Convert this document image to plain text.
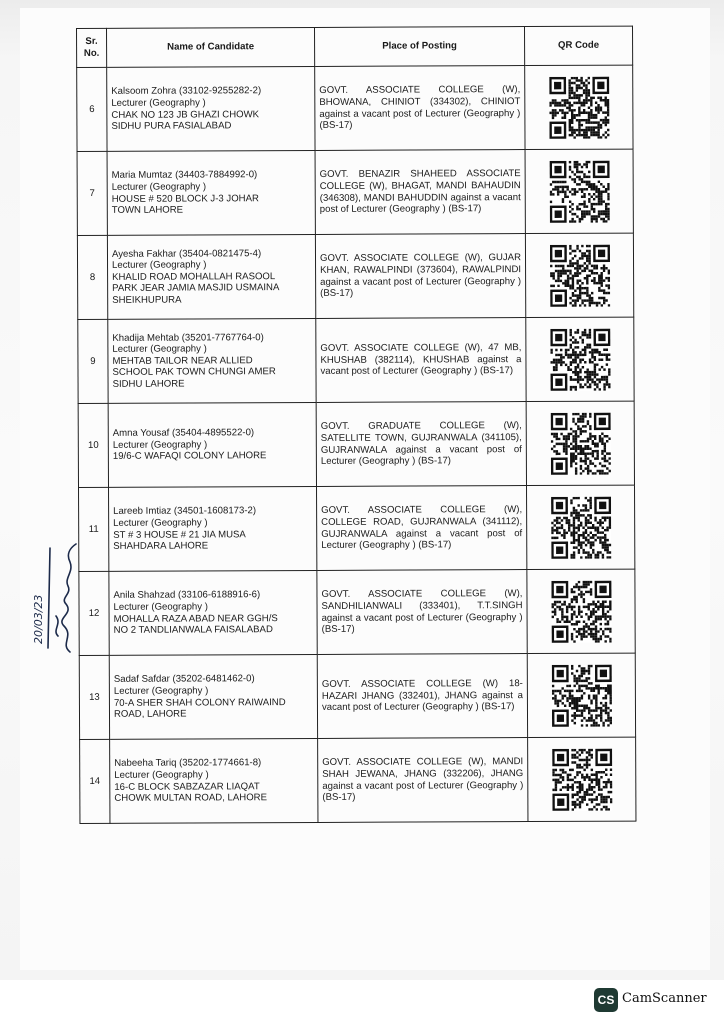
Sr.
No.	Name of Candidate	Place of Posting	QR Code
6	Kalsoom Zohra (33102-9255282-2)
Lecturer (Geography )
CHAK NO 123 JB GHAZI CHOWK
SIDHU PURA FASIALABAD	GOVT. ASSOCIATE COLLEGE (W), BHOWANA, CHINIOT (334302), CHINIOT against a vacant post of Lecturer (Geography ) (BS-17)

7	Maria Mumtaz (34403-7884992-0)
Lecturer (Geography )
HOUSE # 520 BLOCK J-3 JOHAR
TOWN LAHORE	GOVT. BENAZIR SHAHEED ASSOCIATE COLLEGE (W), BHAGAT, MANDI BAHAUDIN (346308), MANDI BAHUDDIN against a vacant post of Lecturer (Geography ) (BS-17)

8	Ayesha Fakhar (35404-0821475-4)
Lecturer (Geography )
KHALID ROAD MOHALLAH RASOOL
PARK JEAR JAMIA MASJID USMAINA
SHEIKHUPURA	GOVT. ASSOCIATE COLLEGE (W), GUJAR KHAN, RAWALPINDI (373604), RAWALPINDI against a vacant post of Lecturer (Geography ) (BS-17)

9	Khadija Mehtab (35201-7767764-0)
Lecturer (Geography )
MEHTAB TAILOR NEAR ALLIED
SCHOOL PAK TOWN CHUNGI AMER
SIDHU LAHORE	GOVT. ASSOCIATE COLLEGE (W), 47 MB, KHUSHAB (382114), KHUSHAB against a vacant post of Lecturer (Geography ) (BS-17)

10	Amna Yousaf (35404-4895522-0)
Lecturer (Geography )
19/6-C WAFAQI COLONY LAHORE	GOVT. GRADUATE COLLEGE (W), SATELLITE TOWN, GUJRANWALA (341105), GUJRANWALA against a vacant post of Lecturer (Geography ) (BS-17)

11	Lareeb Imtiaz (34501-1608173-2)
Lecturer (Geography )
ST # 3 HOUSE # 21 JIA MUSA
SHAHDARA LAHORE	GOVT. ASSOCIATE COLLEGE (W), COLLEGE ROAD, GUJRANWALA (341112), GUJRANWALA against a vacant post of Lecturer (Geography ) (BS-17)

12	Anila Shahzad (33106-6188916-6)
Lecturer (Geography )
MOHALLA RAZA ABAD NEAR GGH/S
NO 2 TANDLIANWALA FAISALABAD	GOVT. ASSOCIATE COLLEGE (W), SANDHILIANWALI (333401), T.T.SINGH against a vacant post of Lecturer (Geography ) (BS-17)

13	Sadaf Safdar (35202-6481462-0)
Lecturer (Geography )
70-A SHER SHAH COLONY RAIWAIND
ROAD, LAHORE	GOVT. ASSOCIATE COLLEGE (W) 18-HAZARI JHANG (332401), JHANG against a vacant post of Lecturer (Geography ) (BS-17)

14	Nabeeha Tariq (35202-1774661-8)
Lecturer (Geography )
16-C BLOCK SABZAZAR LIAQAT
CHOWK MULTAN ROAD, LAHORE	GOVT. ASSOCIATE COLLEGE (W), MANDI SHAH JEWANA, JHANG (332206), JHANG against a vacant post of Lecturer (Geography ) (BS-17)

20/03/23
CS CamScanner
